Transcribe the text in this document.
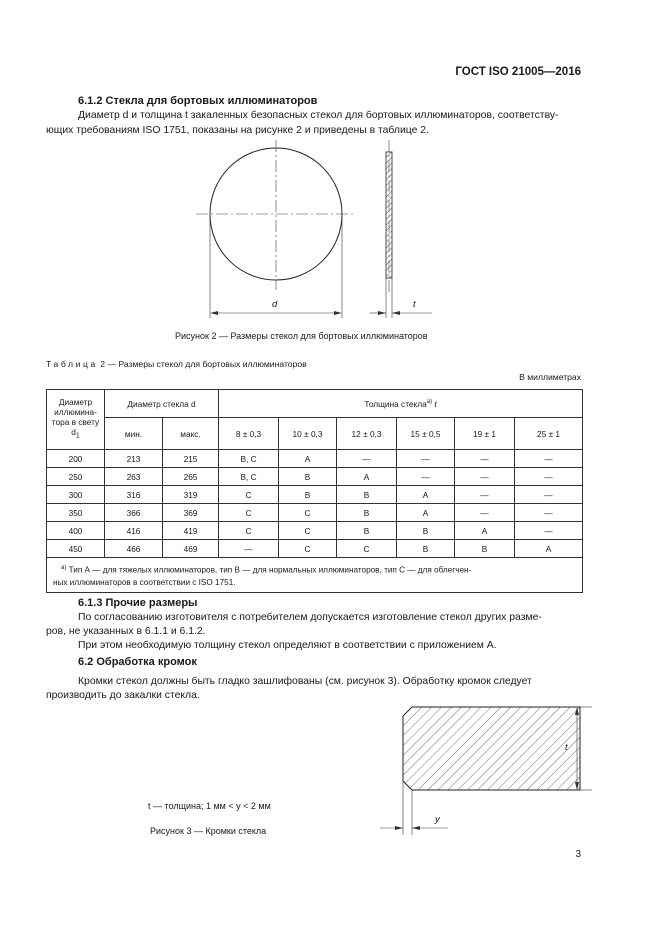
ГОСТ ISO 21005—2016
6.1.2 Стекла для бортовых иллюминаторов
Диаметр d и толщина t закаленных безопасных стекол для бортовых иллюминаторов, соответству-
ющих требованиям ISO 1751, показаны на рисунке 2 и приведены в таблице 2.
d	t
Рисунок 2 — Размеры стекол для бортовых иллюминаторов
Таблица 2 — Размеры стекол для бортовых иллюминаторов
В миллиметрах
Диаметр иллюмина-тора в свету $d_1$	Диаметр стекла d		Толщина стекла$^{а)}$ t					
	мин.	макс.	8 ± 0,3	10 ± 0,3	12 ± 0,3	15 ± 0,5	19 ± 1	25 ± 1
200	213	215	B, C	A	—	—	—	—
250	263	265	B, C	B	A	—	—	—
300	316	319	C	B	B	A	—	—
350	366	369	C	C	B	A	—	—
400	416	419	C	C	B	B	A	—
450	466	469	—	C	C	B	B	A

$^{а)}$ Тип А — для тяжелых иллюминаторов, тип В — для нормальных иллюминаторов, тип С — для облегчен-
ных иллюминаторов в соответствии с ISO 1751.								
6.1.3 Прочие размеры
По согласованию изготовителя с потребителем допускается изготовление стекол других разме-
ров, не указанных в 6.1.1 и 6.1.2.
При этом необходимую толщину стекол определяют в соответствии с приложением А.
6.2 Обработка кромок
Кромки стекол должны быть гладко зашлифованы (см. рисунок 3). Обработку кромок следует
производить до закалки стекла.
t
y
t — толщина; 1 мм < y < 2 мм
Рисунок 3 — Кромки стекла
3
